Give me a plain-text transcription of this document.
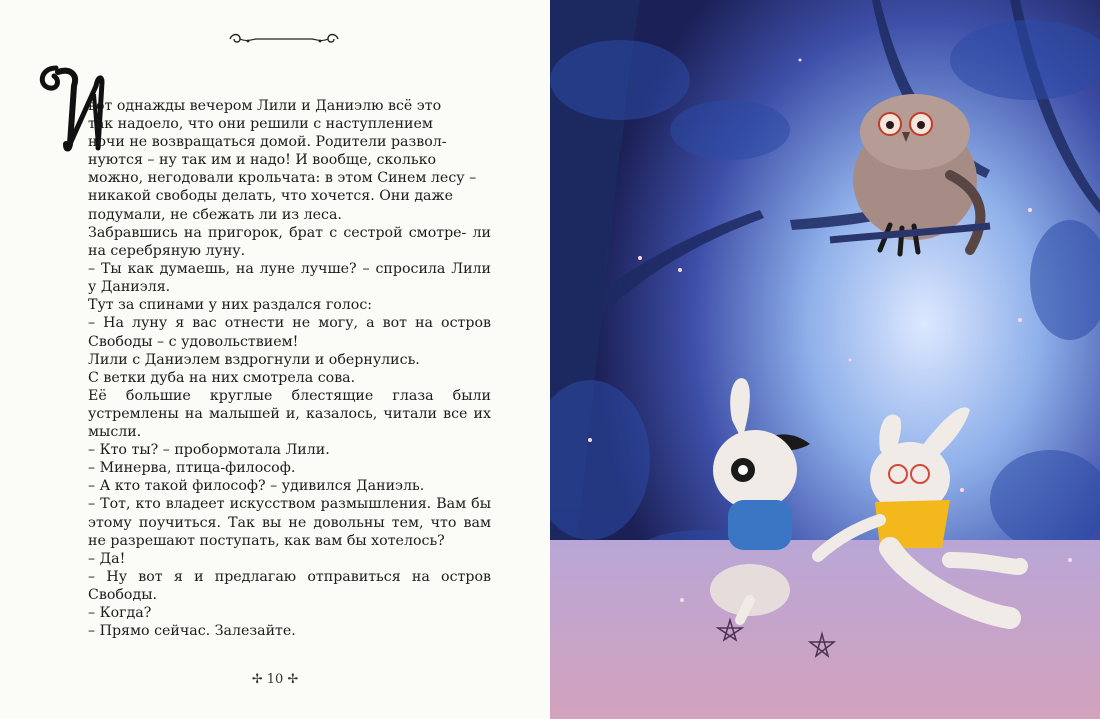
вот однажды вечером Лили и Даниэлю всё это

так надоело, что они решили с наступлением

ночи не возвращаться домой. Родители развол-

нуются – ну так им и надо! И вообще, сколько

можно, негодовали крольчата: в этом Синем лесу –

никакой свободы делать, что хочется. Они даже

подумали, не сбежать ли из леса.

Забравшись на пригорок, брат с сестрой смотре- ли на серебряную луну.

– Ты как думаешь, на луне лучше? – спросила Лили у Даниэля.

Тут за спинами у них раздался голос:

– На луну я вас отнести не могу, а вот на остров Свободы – с удовольствием!

Лили с Даниэлем вздрогнули и обернулись.

С ветки дуба на них смотрела сова.

Её большие круглые блестящие глаза были устремлены на малышей и, казалось, читали все их мысли.

– Кто ты? – пробормотала Лили.

– Минерва, птица-философ.

– А кто такой философ? – удивился Даниэль.

– Тот, кто владеет искусством размышления. Вам бы этому поучиться. Так вы не довольны тем, что вам не разрешают поступать, как вам бы хотелось?

– Да!

– Ну вот я и предлагаю отправиться на остров Свободы.

– Когда?

– Прямо сейчас. Залезайте.

✢ 10 ✢
